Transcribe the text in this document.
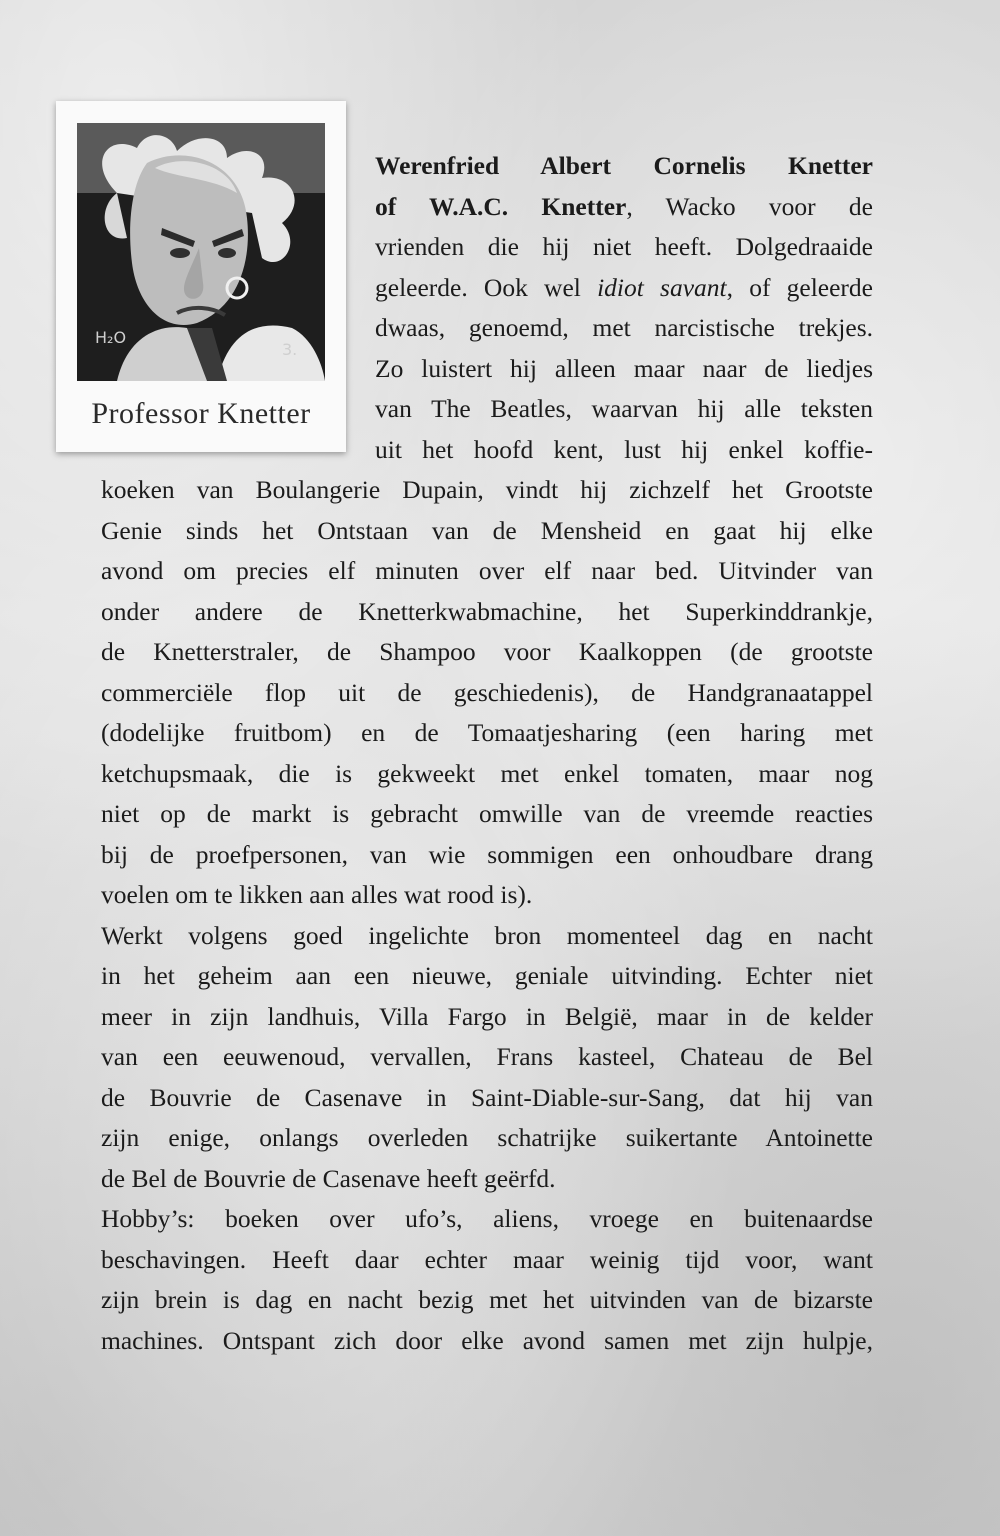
H₂O
3.
Professor Knetter
Werenfried Albert Cornelis Knetter
of W.A.C. Knetter, Wacko voor de
vrienden die hij niet heeft. Dolgedraaide
geleerde. Ook wel idiot savant, of geleerde
dwaas, genoemd, met narcistische trekjes.
Zo luistert hij alleen maar naar de liedjes
van The Beatles, waarvan hij alle teksten
uit het hoofd kent, lust hij enkel koffie-
koeken van Boulangerie Dupain, vindt hij zichzelf het Grootste
Genie sinds het Ontstaan van de Mensheid en gaat hij elke
avond om precies elf minuten over elf naar bed. Uitvinder van
onder andere de Knetterkwabmachine, het Superkinddrankje,
de Knetterstraler, de Shampoo voor Kaalkoppen (de grootste
commerciële flop uit de geschiedenis), de Handgranaatappel
(dodelijke fruitbom) en de Tomaatjesharing (een haring met
ketchupsmaak, die is gekweekt met enkel tomaten, maar nog
niet op de markt is gebracht omwille van de vreemde reacties
bij de proefpersonen, van wie sommigen een onhoudbare drang
voelen om te likken aan alles wat rood is).
Werkt volgens goed ingelichte bron momenteel dag en nacht
in het geheim aan een nieuwe, geniale uitvinding. Echter niet
meer in zijn landhuis, Villa Fargo in België, maar in de kelder
van een eeuwenoud, vervallen, Frans kasteel, Chateau de Bel
de Bouvrie de Casenave in Saint-Diable-sur-Sang, dat hij van
zijn enige, onlangs overleden schatrijke suikertante Antoinette
de Bel de Bouvrie de Casenave heeft geërfd.
Hobby’s: boeken over ufo’s, aliens, vroege en buitenaardse
beschavingen. Heeft daar echter maar weinig tijd voor, want
zijn brein is dag en nacht bezig met het uitvinden van de bizarste
machines. Ontspant zich door elke avond samen met zijn hulpje,
